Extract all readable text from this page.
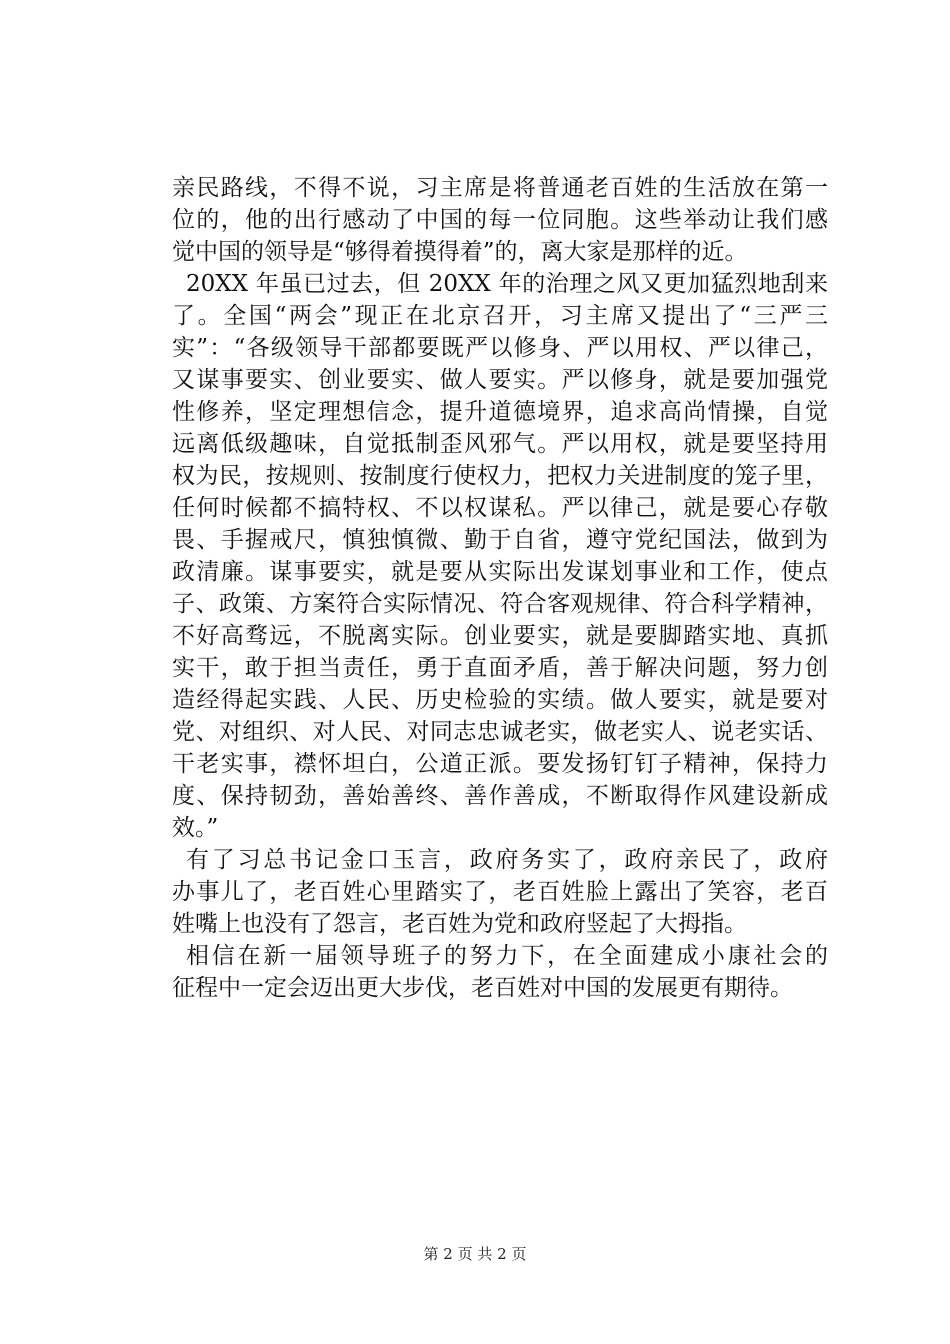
亲民路线，不得不说，习主席是将普通老百姓的生活放在第一
位的，他的出行感动了中国的每一位同胞。这些举动让我们感
觉中国的领导是“够得着摸得着”的，离大家是那样的近。
20XX 年虽已过去，但 20XX 年的治理之风又更加猛烈地刮来
了。全国“两会”现正在北京召开，习主席又提出了“三严三
实”：“各级领导干部都要既严以修身、严以用权、严以律己，
又谋事要实、创业要实、做人要实。严以修身，就是要加强党
性修养，坚定理想信念，提升道德境界，追求高尚情操，自觉
远离低级趣味，自觉抵制歪风邪气。严以用权，就是要坚持用
权为民，按规则、按制度行使权力，把权力关进制度的笼子里，
任何时候都不搞特权、不以权谋私。严以律己，就是要心存敬
畏、手握戒尺，慎独慎微、勤于自省，遵守党纪国法，做到为
政清廉。谋事要实，就是要从实际出发谋划事业和工作，使点
子、政策、方案符合实际情况、符合客观规律、符合科学精神，
不好高骛远，不脱离实际。创业要实，就是要脚踏实地、真抓
实干，敢于担当责任，勇于直面矛盾，善于解决问题，努力创
造经得起实践、人民、历史检验的实绩。做人要实，就是要对
党、对组织、对人民、对同志忠诚老实，做老实人、说老实话、
干老实事，襟怀坦白，公道正派。要发扬钉钉子精神，保持力
度、保持韧劲，善始善终、善作善成，不断取得作风建设新成
效。”
有了习总书记金口玉言，政府务实了，政府亲民了，政府
办事儿了，老百姓心里踏实了，老百姓脸上露出了笑容，老百
姓嘴上也没有了怨言，老百姓为党和政府竖起了大拇指。
相信在新一届领导班子的努力下，在全面建成小康社会的
征程中一定会迈出更大步伐，老百姓对中国的发展更有期待。
第 2 页 共 2 页
